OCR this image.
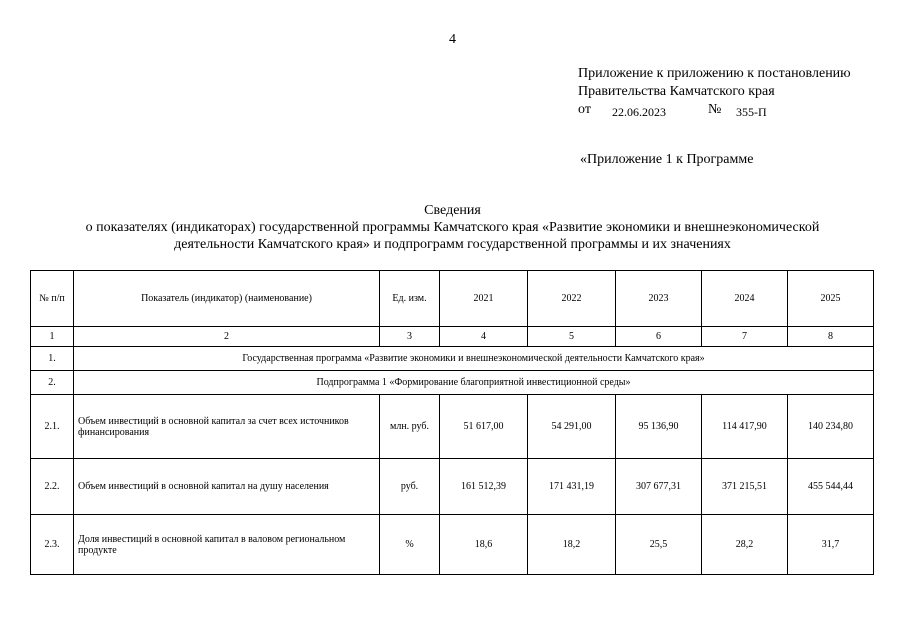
4
Приложение к приложению к постановлению
Правительства Камчатского края
от 22.06.2023	№ 355-П
«Приложение 1 к Программе
Сведения
о показателях (индикаторах) государственной программы Камчатского края «Развитие экономики и внешнеэкономической
деятельности Камчатского края» и подпрограмм государственной программы и их значениях
№ п/п	Показатель (индикатор) (наименование)	Ед. изм.	2021	2022	2023	2024	2025
1	2	3	4	5	6	7	8
1.	Государственная программа «Развитие экономики и внешнеэкономической деятельности Камчатского края»						
2.	Подпрограмма 1 «Формирование благоприятной инвестиционной среды»						
2.1.	Объем инвестиций в основной капитал за счет всех источников финансирования	млн. руб.	51 617,00	54 291,00	95 136,90	114 417,90	140 234,80
2.2.	Объем инвестиций в основной капитал на душу населения	руб.	161 512,39	171 431,19	307 677,31	371 215,51	455 544,44
2.3.	Доля инвестиций в основной капитал в валовом региональном продукте	%	18,6	18,2	25,5	28,2	31,7
